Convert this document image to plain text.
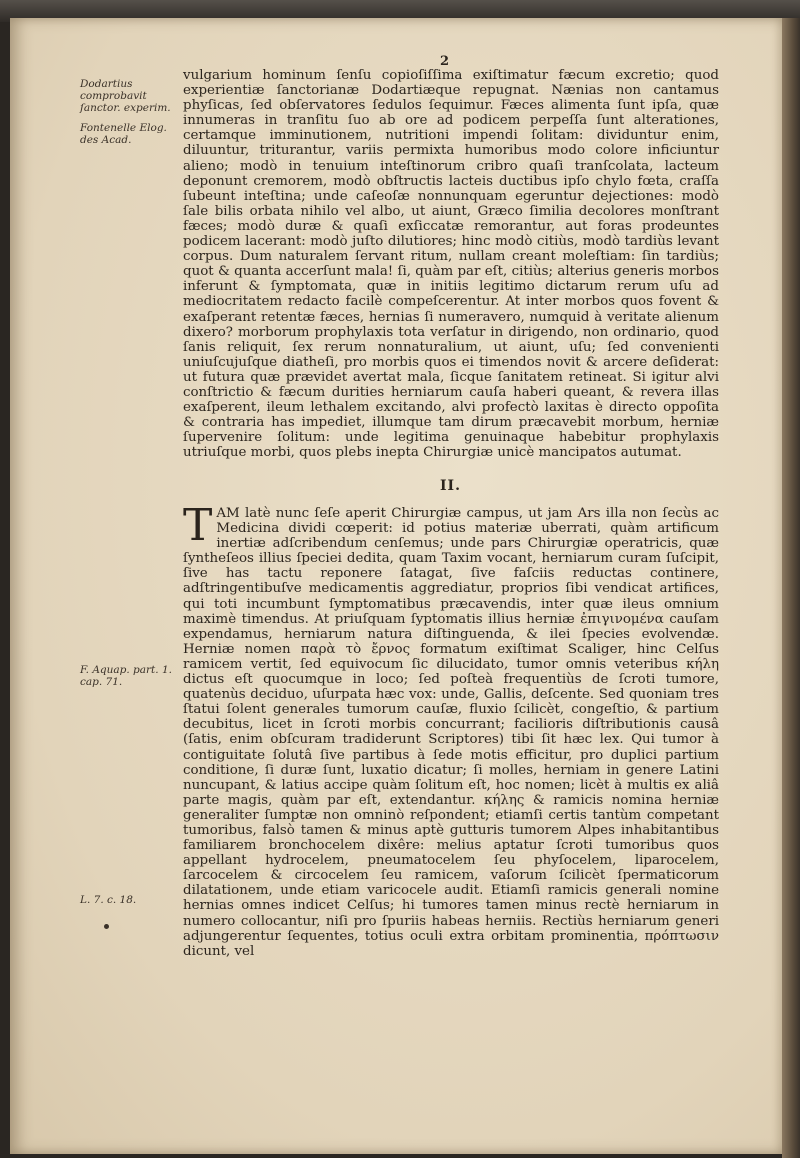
2
Dodartius comprobavit ſanctor. experim.
Fontenelle Elog. des Acad.
F. Aquap. part. 1. cap. 71.
L. 7. c. 18.

vulgarium hominum ſenſu copioſiſſima exiſtimatur fæcum excretio; quod experientiæ ſanctorianæ Dodartiæque repugnat. Nænias non cantamus phyſicas, ſed obſervatores ſedulos ſequimur. Fæces alimenta ſunt ipſa, quæ innumeras in tranſitu ſuo ab ore ad podicem perpeſſa ſunt alterationes, certamque imminutionem, nutritioni impendi ſolitam: dividuntur enim, diluuntur, triturantur, variis permixta humoribus modo colore inficiuntur alieno; modò in tenuium inteſtinorum cribro quaſi tranſcolata, lacteum deponunt cremorem, modò obſtructis lacteis ductibus ipſo chylo fœta, craſſa ſubeunt inteſtina; unde caſeoſæ nonnunquam egeruntur dejectiones: modò ſale bilis orbata nihilo vel albo, ut aiunt, Græco ſimilia decolores monſtrant fæces; modò duræ & quaſi exſiccatæ remorantur, aut foras prodeuntes podicem lacerant: modò juſto dilutiores; hinc modò citiùs, modò tardiùs levant corpus. Dum naturalem ſervant ritum, nullam creant moleſtiam: ſin tardiùs; quot & quanta accerſunt mala! ſi, quàm par eſt, citiùs; alterius generis morbos inferunt & ſymptomata, quæ in initiis legitimo dictarum rerum uſu ad mediocritatem redacto facilè compeſcerentur. At inter morbos quos fovent & exaſperant retentæ fæces, hernias ſi numeravero, numquid à veritate alienum dixero? morborum prophylaxis tota verſatur in dirigendo, non ordinario, quod ſanis reliquit, ſex rerum nonnaturalium, ut aiunt, uſu; ſed convenienti uniuſcujuſque diatheſi, pro morbis quos ei timendos novit & arcere deſiderat: ut futura quæ prævidet avertat mala, ſicque ſanitatem retineat. Si igitur alvi conſtrictio & fæcum durities herniarum cauſa haberi queant, & revera illas exaſperent, ileum lethalem excitando, alvi profectò laxitas è directo oppoſita & contraria has impediet, illumque tam dirum præcavebit morbum, herniæ ſupervenire ſolitum: unde legitima genuinaque habebitur prophylaxis utriuſque morbi, quos plebs inepta Chirurgiæ unicè mancipatos autumat.

II.

T AM latè nunc ſeſe aperit Chirurgiæ campus, ut jam Ars illa non ſecùs ac Medicina dividi cœperit: id potius materiæ uberrati, quàm artificum inertiæ adſcribendum cenſemus; unde pars Chirurgiæ operatricis, quæ ſyntheſeos illius ſpeciei dedita, quam Taxim vocant, herniarum curam ſuſcipit, ſive has tactu reponere ſatagat, ſive faſciis reductas continere, adſtringentibuſve medicamentis aggrediatur, proprios ſibi vendicat artifices, qui toti incumbunt ſymptomatibus præcavendis, inter quæ ileus omnium maximè timendus. At priuſquam ſyptomatis illius herniæ ἐπιγινομένα cauſam expendamus, herniarum natura diſtinguenda, & ilei ſpecies evolvendæ. Herniæ nomen παρὰ τὸ ἔρνος formatum exiſtimat Scaliger, hinc Celſus ramicem vertit, ſed equivocum ſic dilucidato, tumor omnis veteribus κήλη dictus eſt quocumque in loco; ſed poſteà frequentiùs de ſcroti tumore, quatenùs deciduo, uſurpata hæc vox: unde, Gallis, deſcente. Sed quoniam tres ſtatui ſolent generales tumorum cauſæ, fluxio ſcilicèt, congeſtio, & partium decubitus, licet in ſcroti morbis concurrant; facilioris diſtributionis causâ (ſatis, enim obſcuram tradiderunt Scriptores) tibi ſit hæc lex. Qui tumor à contiguitate ſolutâ ſive partibus à ſede motis efficitur, pro duplici partium conditione, ſi duræ ſunt, luxatio dicatur; ſi molles, herniam in genere Latini nuncupant, & latius accipe quàm ſolitum eſt, hoc nomen; licèt à multis ex aliâ parte magis, quàm par eſt, extendantur. κήλης & ramicis nomina herniæ generaliter ſumptæ non omninò reſpondent; etiamſi certis tantùm competant tumoribus, falsò tamen & minus aptè gutturis tumorem Alpes inhabitantibus familiarem bronchocelem dixêre: melius aptatur ſcroti tumoribus quos appellant hydrocelem, pneumatocelem ſeu phyſocelem, liparocelem, ſarcocelem & circocelem ſeu ramicem, vaſorum ſcilicèt ſpermaticorum dilatationem, unde etiam varicocele audit. Etiamſi ramicis generali nomine hernias omnes indicet Celſus; hi tumores tamen minus rectè herniarum in numero collocantur, niſi pro ſpuriis habeas herniis. Rectiùs herniarum generi adjungerentur ſequentes, totius oculi extra orbitam prominentia, πρόπτωσιν dicunt, vel
